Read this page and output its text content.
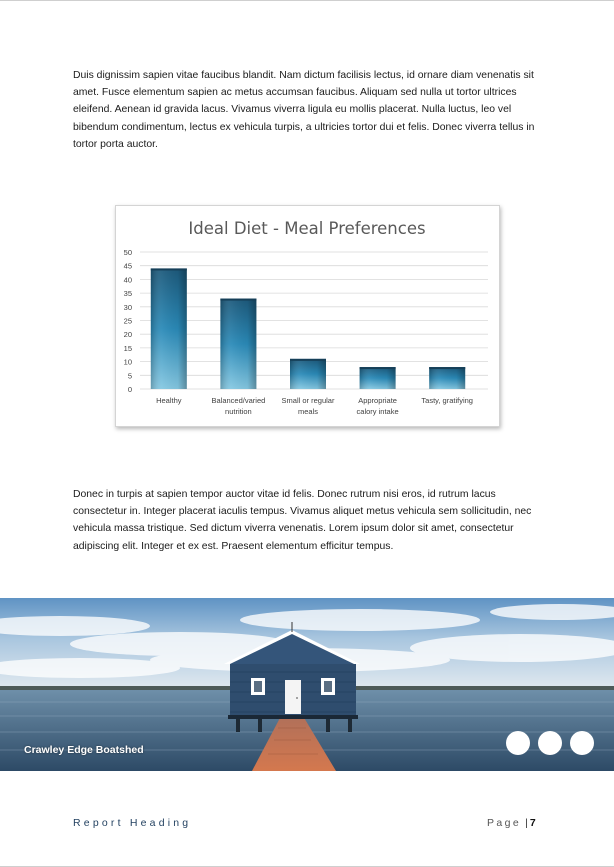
Duis dignissim sapien vitae faucibus blandit. Nam dictum facilisis lectus, id ornare diam venenatis sit amet. Fusce elementum sapien ac metus accumsan faucibus. Aliquam sed nulla ut tortor ultrices eleifend. Aenean id gravida lacus. Vivamus viverra ligula eu mollis placerat. Nulla luctus, leo vel bibendum condimentum, lectus ex vehicula turpis, a ultricies tortor dui et felis. Donec viverra tellus in tortor porta auctor.

Ideal Diet - Meal Preferences
0
5
10
15
20
25
30
35
40
45
50
Healthy	Balanced/varied
nutrition
Small or regular
meals
Appropriate
calory intake
Tasty, gratifying

Donec in turpis at sapien tempor auctor vitae id felis. Donec rutrum nisi eros, id rutrum lacus consectetur in. Integer placerat iaculis tempus. Vivamus aliquet metus vehicula sem sollicitudin, nec vehicula massa tristique. Sed dictum viverra venenatis. Lorem ipsum dolor sit amet, consectetur adipiscing elit. Integer et ex est. Praesent elementum efficitur tempus.

Crawley Edge Boatshed
Report Heading	Page | 7
